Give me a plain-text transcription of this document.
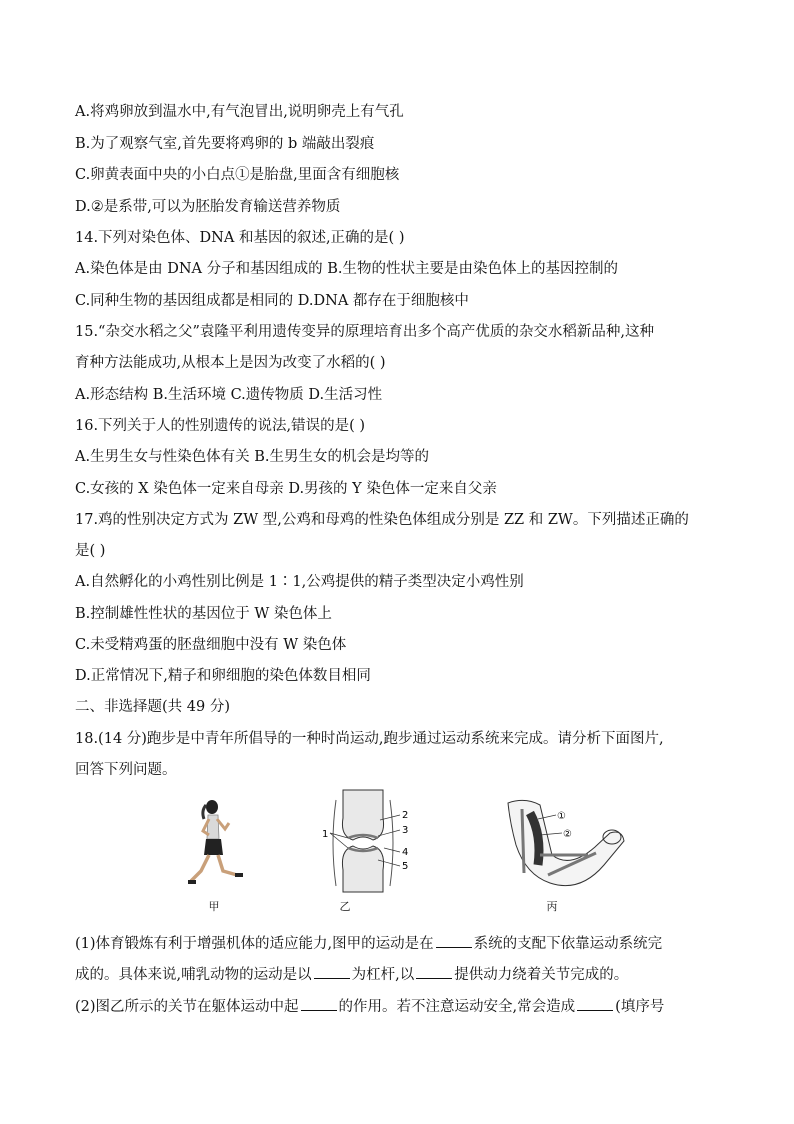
A.将鸡卵放到温水中,有气泡冒出,说明卵壳上有气孔
B.为了观察气室,首先要将鸡卵的 b 端敲出裂痕
C.卵黄表面中央的小白点①是胎盘,里面含有细胞核
D.②是系带,可以为胚胎发育输送营养物质
14.下列对染色体、DNA 和基因的叙述,正确的是( )
A.染色体是由 DNA 分子和基因组成的 B.生物的性状主要是由染色体上的基因控制的
C.同种生物的基因组成都是相同的 D.DNA 都存在于细胞核中
15.“杂交水稻之父”袁隆平利用遗传变异的原理培育出多个高产优质的杂交水稻新品种,这种
育种方法能成功,从根本上是因为改变了水稻的( )
A.形态结构 B.生活环境 C.遗传物质 D.生活习性
16.下列关于人的性别遗传的说法,错误的是( )
A.生男生女与性染色体有关 B.生男生女的机会是均等的
C.女孩的 X 染色体一定来自母亲 D.男孩的 Y 染色体一定来自父亲
17.鸡的性别决定方式为 ZW 型,公鸡和母鸡的性染色体组成分别是 ZZ 和 ZW。下列描述正确的
是( )
A.自然孵化的小鸡性别比例是 1∶1,公鸡提供的精子类型决定小鸡性别
B.控制雄性性状的基因位于 W 染色体上
C.未受精鸡蛋的胚盘细胞中没有 W 染色体
D.正常情况下,精子和卵细胞的染色体数目相同
二、非选择题(共 49 分)
18.(14 分)跑步是中青年所倡导的一种时尚运动,跑步通过运动系统来完成。请分析下面图片,
回答下列问题。
甲
1
2
3
4
5
乙
①
②
丙
(1)体育锻炼有利于增强机体的适应能力,图甲的运动是在	系统的支配下依靠运动系统完
成的。具体来说,哺乳动物的运动是以	为杠杆,以	提供动力绕着关节完成的。
(2)图乙所示的关节在躯体运动中起	的作用。若不注意运动安全,常会造成	(填序号
